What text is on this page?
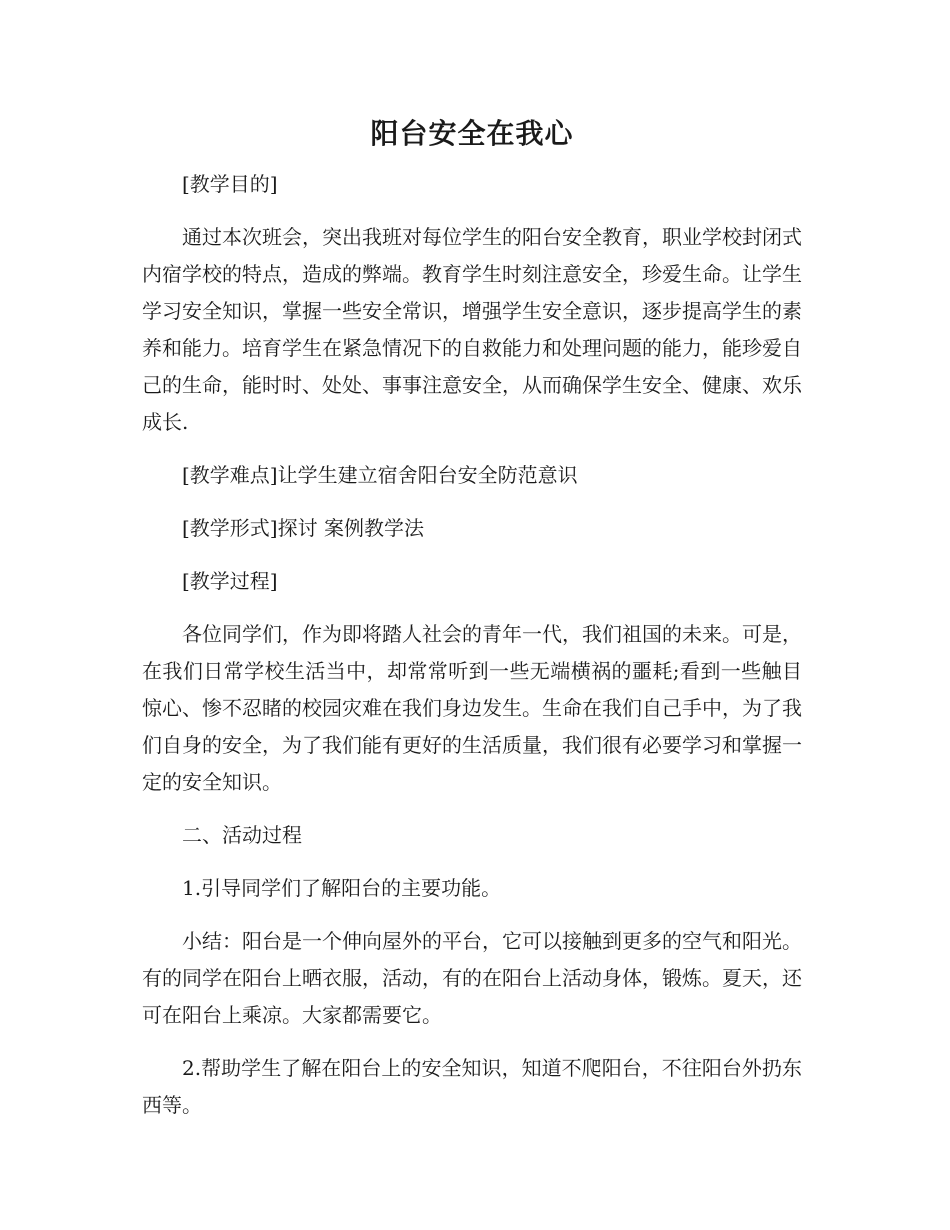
阳台安全在我心

[教学目的]

通过本次班会，突出我班对每位学生的阳台安全教育，职业学校封闭式内宿学校的特点，造成的弊端。教育学生时刻注意安全，珍爱生命。让学生学习安全知识，掌握一些安全常识，增强学生安全意识，逐步提高学生的素养和能力。培育学生在紧急情况下的自救能力和处理问题的能力，能珍爱自己的生命，能时时、处处、事事注意安全，从而确保学生安全、健康、欢乐成长.

[教学难点]让学生建立宿舍阳台安全防范意识

[教学形式]探讨 案例教学法

[教学过程]

各位同学们，作为即将踏人社会的青年一代，我们祖国的未来。可是，在我们日常学校生活当中，却常常听到一些无端横祸的噩耗;看到一些触目惊心、惨不忍睹的校园灾难在我们身边发生。生命在我们自己手中，为了我们自身的安全，为了我们能有更好的生活质量，我们很有必要学习和掌握一定的安全知识。

二、活动过程

1.引导同学们了解阳台的主要功能。

小结：阳台是一个伸向屋外的平台，它可以接触到更多的空气和阳光。有的同学在阳台上晒衣服，活动，有的在阳台上活动身体，锻炼。夏天，还可在阳台上乘凉。大家都需要它。

2.帮助学生了解在阳台上的安全知识，知道不爬阳台，不往阳台外扔东西等。
